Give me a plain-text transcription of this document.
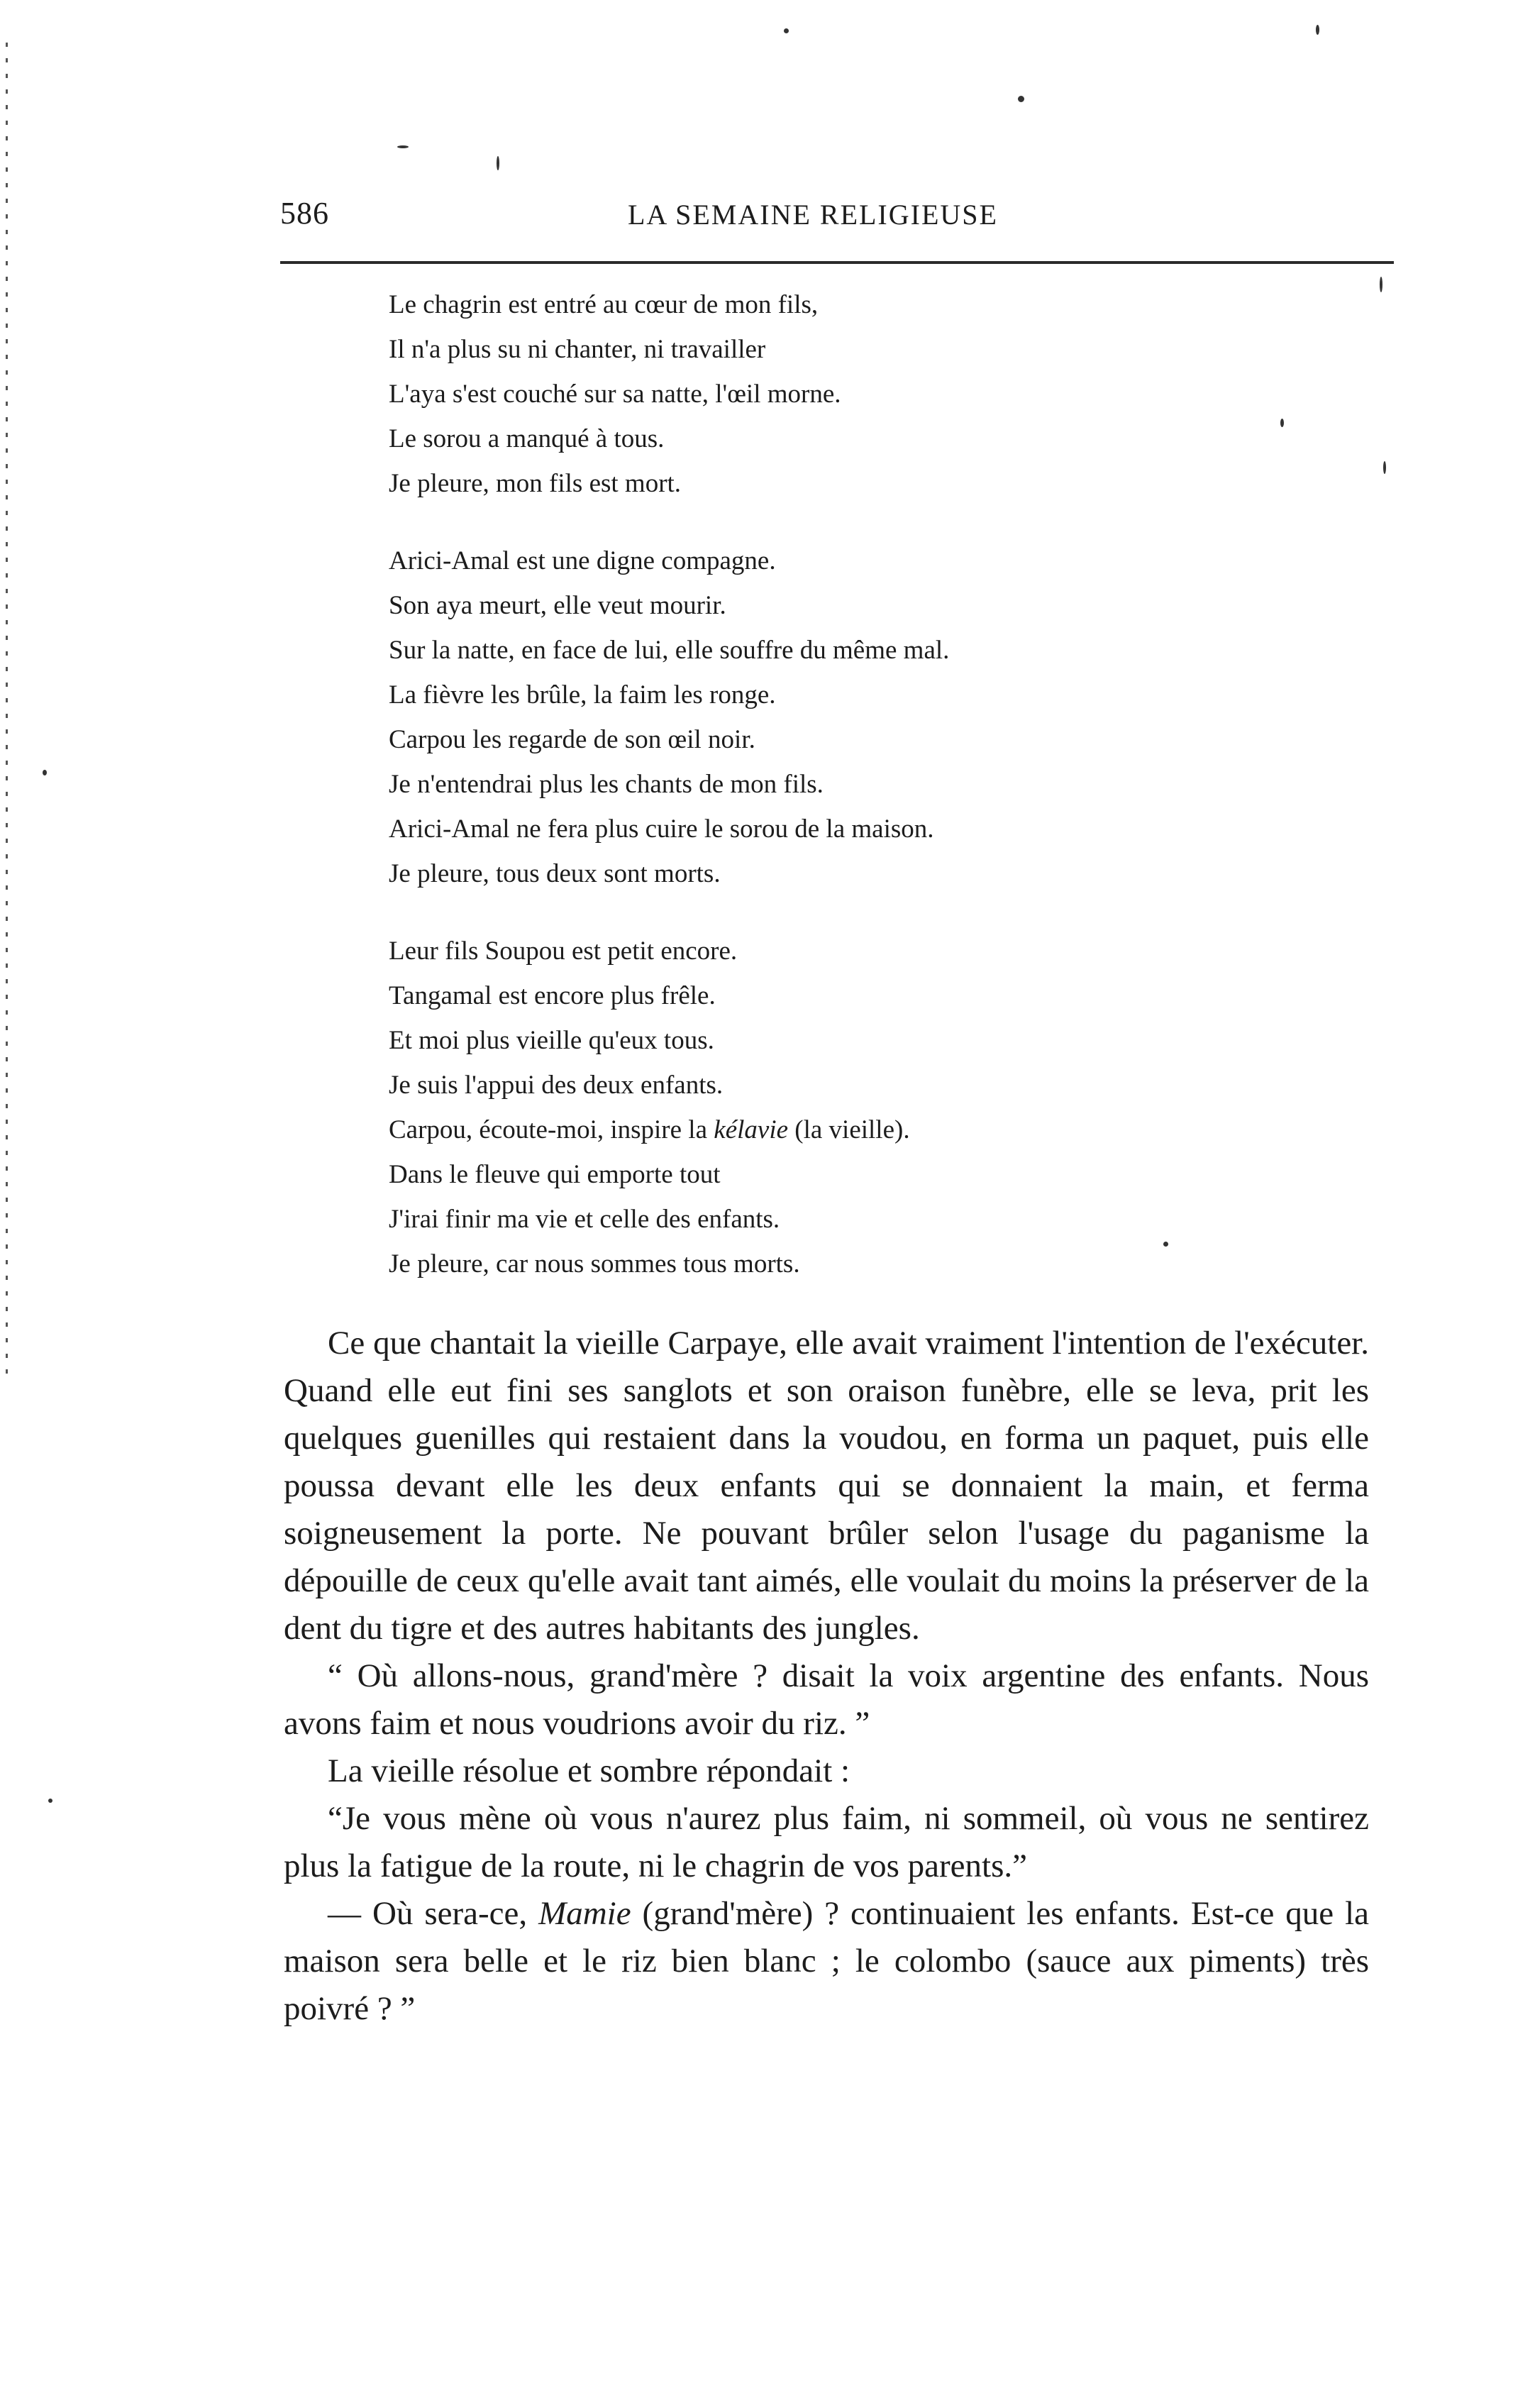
586	LA SEMAINE RELIGIEUSE
Le chagrin est entré au cœur de mon fils,
Il n'a plus su ni chanter, ni travailler
L'aya s'est couché sur sa natte, l'œil morne.
Le sorou a manqué à tous.
Je pleure, mon fils est mort.
Arici-Amal est une digne compagne.
Son aya meurt, elle veut mourir.
Sur la natte, en face de lui, elle souffre du même mal.
La fièvre les brûle, la faim les ronge.
Carpou les regarde de son œil noir.
Je n'entendrai plus les chants de mon fils.
Arici-Amal ne fera plus cuire le sorou de la maison.
Je pleure, tous deux sont morts.
Leur fils Soupou est petit encore.
Tangamal est encore plus frêle.
Et moi plus vieille qu'eux tous.
Je suis l'appui des deux enfants.
Carpou, écoute-moi, inspire la kélavie (la vieille).
Dans le fleuve qui emporte tout
J'irai finir ma vie et celle des enfants.
Je pleure, car nous sommes tous morts.

Ce que chantait la vieille Carpaye, elle avait vraiment l'intention de l'exécuter. Quand elle eut fini ses sanglots et son oraison funèbre, elle se leva, prit les quelques guenilles qui restaient dans la voudou, en forma un paquet, puis elle poussa devant elle les deux enfants qui se donnaient la main, et ferma soigneusement la porte. Ne pouvant brûler selon l'usage du paganisme la dépouille de ceux qu'elle avait tant aimés, elle voulait du moins la préserver de la dent du tigre et des autres habitants des jungles.

“ Où allons-nous, grand'mère ? disait la voix argentine des enfants. Nous avons faim et nous voudrions avoir du riz. ”

La vieille résolue et sombre répondait :

“Je vous mène où vous n'aurez plus faim, ni sommeil, où vous ne sentirez plus la fatigue de la route, ni le chagrin de vos parents.”

— Où sera-ce, Mamie (grand'mère) ? continuaient les enfants. Est-ce que la maison sera belle et le riz bien blanc ; le colombo (sauce aux piments) très poivré ? ”
